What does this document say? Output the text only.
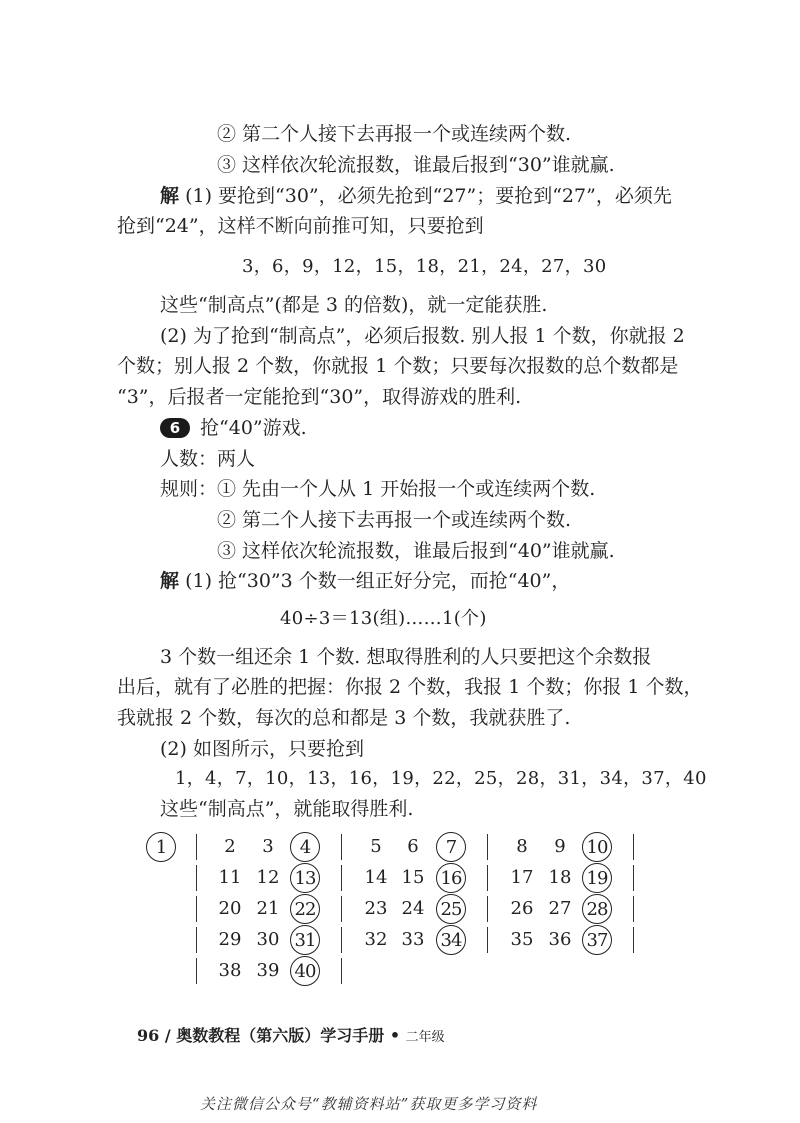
② 第二个人接下去再报一个或连续两个数.
③ 这样依次轮流报数，谁最后报到“30”谁就赢.
解 (1) 要抢到“30”，必须先抢到“27”；要抢到“27”，必须先
抢到“24”，这样不断向前推可知，只要抢到
3，6，9，12，15，18，21，24，27，30
这些“制高点”(都是 3 的倍数)，就一定能获胜.
(2) 为了抢到“制高点”，必须后报数. 别人报 1 个数，你就报 2
个数；别人报 2 个数，你就报 1 个数；只要每次报数的总个数都是
“3”，后报者一定能抢到“30”，取得游戏的胜利.
6 抢“40”游戏.
人数：两人
规则：① 先由一个人从 1 开始报一个或连续两个数.
② 第二个人接下去再报一个或连续两个数.
③ 这样依次轮流报数，谁最后报到“40”谁就赢.
解 (1) 抢“30”3 个数一组正好分完，而抢“40”，
40÷3＝13(组)……1(个)
3 个数一组还余 1 个数. 想取得胜利的人只要把这个余数报
出后，就有了必胜的把握：你报 2 个数，我报 1 个数；你报 1 个数，
我就报 2 个数，每次的总和都是 3 个数，我就获胜了.
(2) 如图所示，只要抢到
1，4，7，10，13，16，19，22，25，28，31，34，37，40
这些“制高点”，就能取得胜利.
1	2	3	4	5	6	7	8	9	10
11 12 13	14 15 16	17 18 19
20 21 22	23 24 25	26 27 28
29 30 31	32 33 34	35 36 37
38 39 40
96 / 奥数教程（第六版）学习手册 • 二年级
关注微信公众号“教辅资料站”获取更多学习资料
